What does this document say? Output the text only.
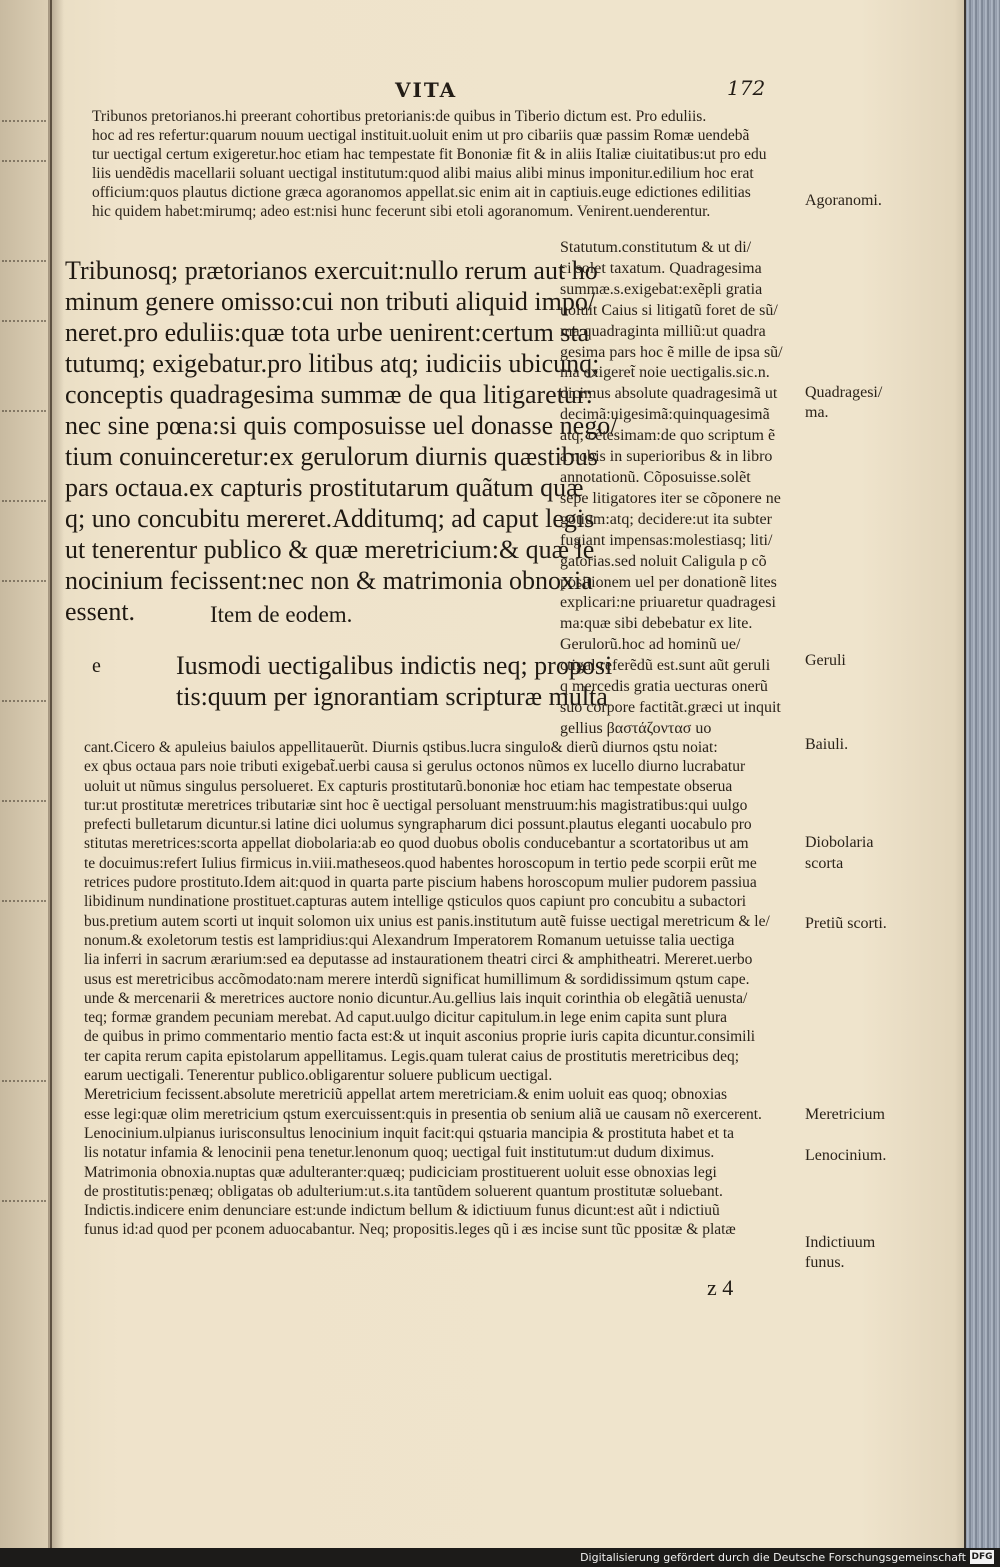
VITA	172
Tribunos pretorianos.hi preerant cohortibus pretorianis:de quibus in Tiberio dictum est. Pro eduliis.
hoc ad res refertur:quarum nouum uectigal instituit.uoluit enim ut pro cibariis quæ passim Romæ uendebã
tur uectigal certum exigeretur.hoc etiam hac tempestate fit Bononiæ fit & in aliis Italiæ ciuitatibus:ut pro edu
liis uendẽdis macellarii soluant uectigal institutum:quod alibi maius alibi minus imponitur.edilium hoc erat
officium:quos plautus dictione græca agoranomos appellat.sic enim ait in captiuis.euge edictiones edilitias
hic quidem habet:mirumq; adeo est:nisi hunc fecerunt sibi etoli agoranomum. Venirent.uenderentur.
Tribunosq; prætorianos exercuit:nullo rerum aut ho
minum genere omisso:cui non tributi aliquid impo/
neret.pro eduliis:quæ tota urbe uenirent:certum sta
tutumq; exigebatur.pro litibus atq; iudiciis ubicunq;
conceptis quadragesima summæ de qua litigaretur:
nec sine pœna:si quis composuisse uel donasse nego/
tium conuinceretur:ex gerulorum diurnis quæstibus
pars octaua.ex capturis prostitutarum quãtum quæ
q; uno concubitu mereret.Additumq; ad caput legis
ut tenerentur publico & quæ meretricium:& quæ le
nocinium fecissent:nec non & matrimonia obnoxia
essent.	Item de eodem.
e	Iusmodi uectigalibus indictis neq; proposi
tis:quum per ignorantiam scripturæ multa
Statutum.constitutum & ut di/
ci solet taxatum. Quadragesima
summæ.s.exigebat:exẽpli gratia
uoluit Caius si litigatũ foret de sũ/
ma quadraginta milliũ:ut quadra
gesima pars hoc ẽ mille de ipsa sũ/
ma exigeret̃ noie uectigalis.sic.n.
dicimus absolute quadragesimã ut
decimã:uigesimã:quinquagesimã
atq; cẽtesimam:de quo scriptum ẽ
a nobis in superioribus & in libro
annotationũ. Cõposuisse.solẽt
sepe litigatores iter se cõponere ne
gotium:atq; decidere:ut ita subter
fugiant impensas:molestiasq; liti/
gatorias.sed noluit Caligula p cõ
positionem uel per donationẽ lites
explicari:ne priuaretur quadragesi
ma:quæ sibi debebatur ex lite.
Gerulorũ.hoc ad hominũ ue/
ctigal referẽdũ est.sunt aũt geruli
q mercedis gratia uecturas onerũ
suo corpore factitãt.græci ut inquit
gellius βαστάζοντασ uo
cant.Cicero & apuleius baiulos appellitauerũt. Diurnis qstibus.lucra singulo& dierũ diurnos qstu noiat:
ex qbus octaua pars noie tributi exigebat̃.uerbi causa si gerulus octonos nũmos ex lucello diurno lucrabatur
uoluit ut nũmus singulus persolueret. Ex capturis prostitutarũ.bononiæ hoc etiam hac tempestate obserua
tur:ut prostitutæ meretrices tributariæ sint hoc ẽ uectigal persoluant menstruum:his magistratibus:qui uulgo
prefecti bulletarum dicuntur.si latine dici uolumus syngrapharum dici possunt.plautus eleganti uocabulo pro
stitutas meretrices:scorta appellat diobolaria:ab eo quod duobus obolis conducebantur a scortatoribus ut am
te docuimus:refert Iulius firmicus in.viii.matheseos.quod habentes horoscopum in tertio pede scorpii erũt me
retrices pudore prostituto.Idem ait:quod in quarta parte piscium habens horoscopum mulier pudorem passiua
libidinum nundinatione prostituet.capturas autem intellige qsticulos quos capiunt pro concubitu a subactori
bus.pretium autem scorti ut inquit solomon uix unius est panis.institutum autẽ fuisse uectigal meretricum & le/
nonum.& exoletorum testis est lampridius:qui Alexandrum Imperatorem Romanum uetuisse talia uectiga
lia inferri in sacrum ærarium:sed ea deputasse ad instaurationem theatri circi & amphitheatri. Mereret.uerbo
usus est meretricibus accõmodato:nam merere interdũ significat humillimum & sordidissimum qstum cape.
unde & mercenarii & meretrices auctore nonio dicuntur.Au.gellius lais inquit corinthia ob elegãtiã uenusta/
teq; formæ grandem pecuniam merebat. Ad caput.uulgo dicitur capitulum.in lege enim capita sunt plura
de quibus in primo commentario mentio facta est:& ut inquit asconius proprie iuris capita dicuntur.consimili
ter capita rerum capita epistolarum appellitamus. Legis.quam tulerat caius de prostitutis meretricibus deq;
earum uectigali. Tenerentur publico.obligarentur soluere publicum uectigal.
Meretricium fecissent.absolute meretriciũ appellat artem meretriciam.& enim uoluit eas quoq; obnoxias
esse legi:quæ olim meretricium qstum exercuissent:quis in presentia ob senium aliã ue causam nõ exercerent.
Lenocinium.ulpianus iurisconsultus lenocinium inquit facit:qui qstuaria mancipia & prostituta habet et ta
lis notatur infamia & lenocinii pena tenetur.lenonum quoq; uectigal fuit institutum:ut dudum diximus.
Matrimonia obnoxia.nuptas quæ adulteranter:quæq; pudiciciam prostituerent uoluit esse obnoxias legi
de prostitutis:penæq; obligatas ob adulterium:ut.s.ita tantũdem soluerent quantum prostitutæ soluebant.
Indictis.indicere enim denunciare est:unde indictum bellum & idictiuum funus dicunt:est aũt i ndictiuũ
funus id:ad quod per pconem aduocabantur. Neq; propositis.leges qũ i æs incise sunt tũc ppositæ & platæ
Agoranomi.
Quadragesi/
ma.
Geruli
Baiuli.
Diobolaria
scorta
Pretiũ scorti.
Meretricium
Lenocinium.
Indictiuum
funus.
z 4
Digitalisierung gefördert durch die Deutsche Forschungsgemeinschaft DFG
